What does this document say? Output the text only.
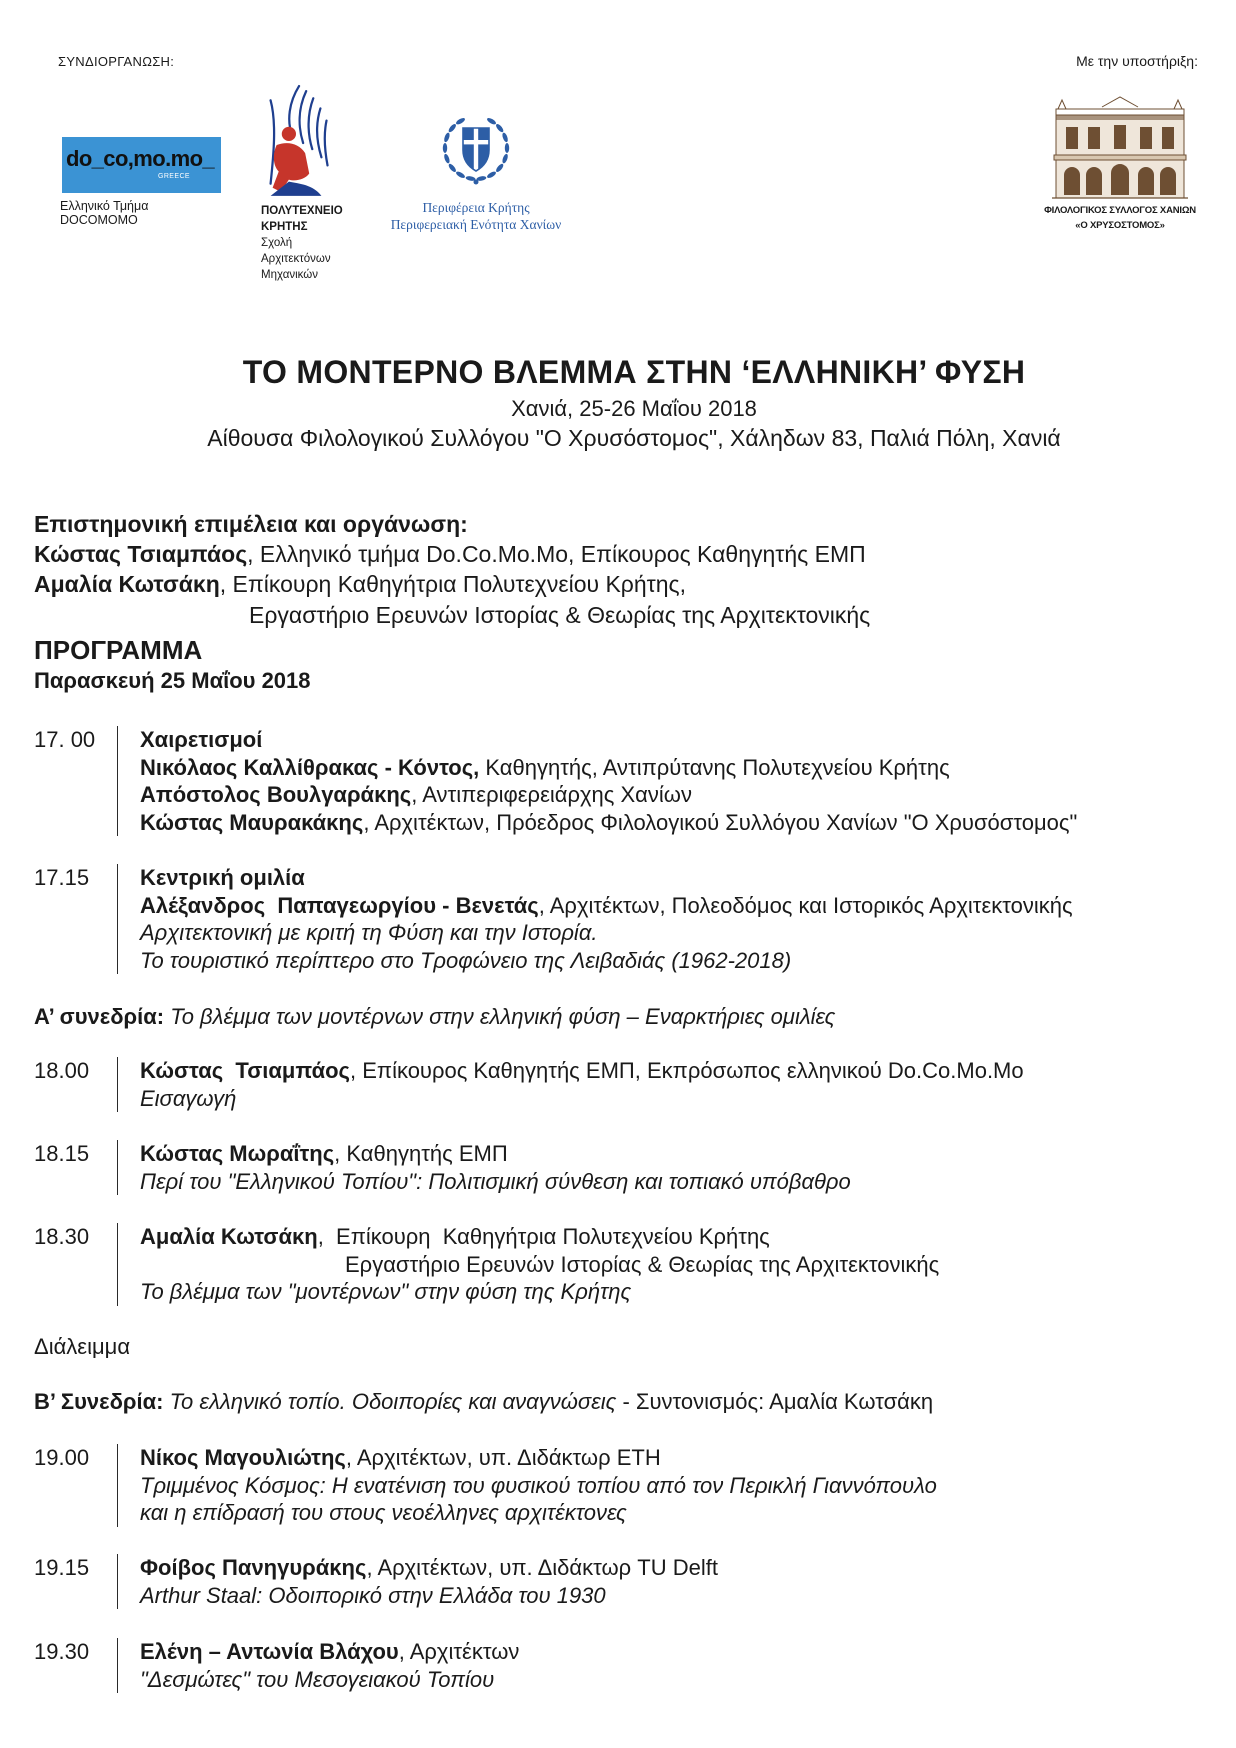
ΣΥΝΔΙΟΡΓΑΝΩΣΗ:	Με την υποστήριξη:
do_co,mo.mo_
GREECE
Ελληνικό Τμήμα
DOCOMOMO
ΠΟΛΥΤΕΧΝΕΙΟ
ΚΡΗΤΗΣ
Σχολή
Αρχιτεκτόνων
Μηχανικών
Περιφέρεια Κρήτης
Περιφερειακή Ενότητα Χανίων
ΦΙΛΟΛΟΓΙΚΟΣ ΣΥΛΛΟΓΟΣ ΧΑΝΙΩΝ
«Ο ΧΡΥΣΟΣΤΟΜΟΣ»
ΤΟ ΜΟΝΤΕΡΝΟ ΒΛΕΜΜΑ ΣΤΗΝ ‘ΕΛΛΗΝΙΚΗ’ ΦΥΣΗ
Χανιά, 25-26 Μαΐου 2018
Αίθουσα Φιλολογικού Συλλόγου "Ο Χρυσόστομος", Χάληδων 83, Παλιά Πόλη, Χανιά
Επιστημονική επιμέλεια και οργάνωση:
Κώστας Τσιαμπάος, Ελληνικό τμήμα Do.Co.Mo.Mo, Επίκουρος Καθηγητής ΕΜΠ
Αμαλία Κωτσάκη, Επίκουρη Καθηγήτρια Πολυτεχνείου Κρήτης,
Εργαστήριο Ερευνών Ιστορίας & Θεωρίας της Αρχιτεκτονικής
ΠΡΟΓΡΑΜΜΑ
Παρασκευή 25 Μαΐου 2018
17. 00 Χαιρετισμοί
Νικόλαος Καλλίθρακας - Κόντος, Καθηγητής, Αντιπρύτανης Πολυτεχνείου Κρήτης
Απόστολος Βουλγαράκης, Αντιπεριφερειάρχης Χανίων
Κώστας Μαυρακάκης, Αρχιτέκτων, Πρόεδρος Φιλολογικού Συλλόγου Χανίων "Ο Χρυσόστομος"
17.15 Κεντρική ομιλία
Αλέξανδρος  Παπαγεωργίου - Βενετάς, Αρχιτέκτων, Πολεοδόμος και Ιστορικός Αρχιτεκτονικής
Αρχιτεκτονική με κριτή τη Φύση και την Ιστορία.
Το τουριστικό περίπτερο στο Τροφώνειο της Λειβαδιάς (1962-2018)
Α’ συνεδρία: Το βλέμμα των μοντέρνων στην ελληνική φύση – Εναρκτήριες ομιλίες
18.00 Κώστας  Τσιαμπάος, Επίκουρος Καθηγητής ΕΜΠ, Εκπρόσωπος ελληνικού Do.Co.Mo.Mo
Εισαγωγή
18.15 Κώστας Μωραΐτης, Καθηγητής ΕΜΠ
Περί του "Ελληνικού Τοπίου": Πολιτισμική σύνθεση και τοπιακό υπόβαθρο
18.30 Αμαλία Κωτσάκη,  Επίκουρη  Καθηγήτρια Πολυτεχνείου Κρήτης
Εργαστήριο Ερευνών Ιστορίας & Θεωρίας της Αρχιτεκτονικής
Το βλέμμα των "μοντέρνων" στην φύση της Κρήτης
Διάλειμμα
Β’ Συνεδρία: Το ελληνικό τοπίο. Οδοιπορίες και αναγνώσεις - Συντονισμός: Αμαλία Κωτσάκη
19.00 Νίκος Μαγουλιώτης, Αρχιτέκτων, υπ. Διδάκτωρ ΕΤΗ
Τριμμένος Κόσμος: Η ενατένιση του φυσικού τοπίου από τον Περικλή Γιαννόπουλο
και η επίδρασή του στους νεοέλληνες αρχιτέκτονες
19.15 Φοίβος Πανηγυράκης, Αρχιτέκτων, υπ. Διδάκτωρ TU Delft
Arthur Staal: Οδοιπορικό στην Ελλάδα του 1930
19.30 Ελένη – Αντωνία Βλάχου, Αρχιτέκτων
"Δεσμώτες" του Μεσογειακού Τοπίου
